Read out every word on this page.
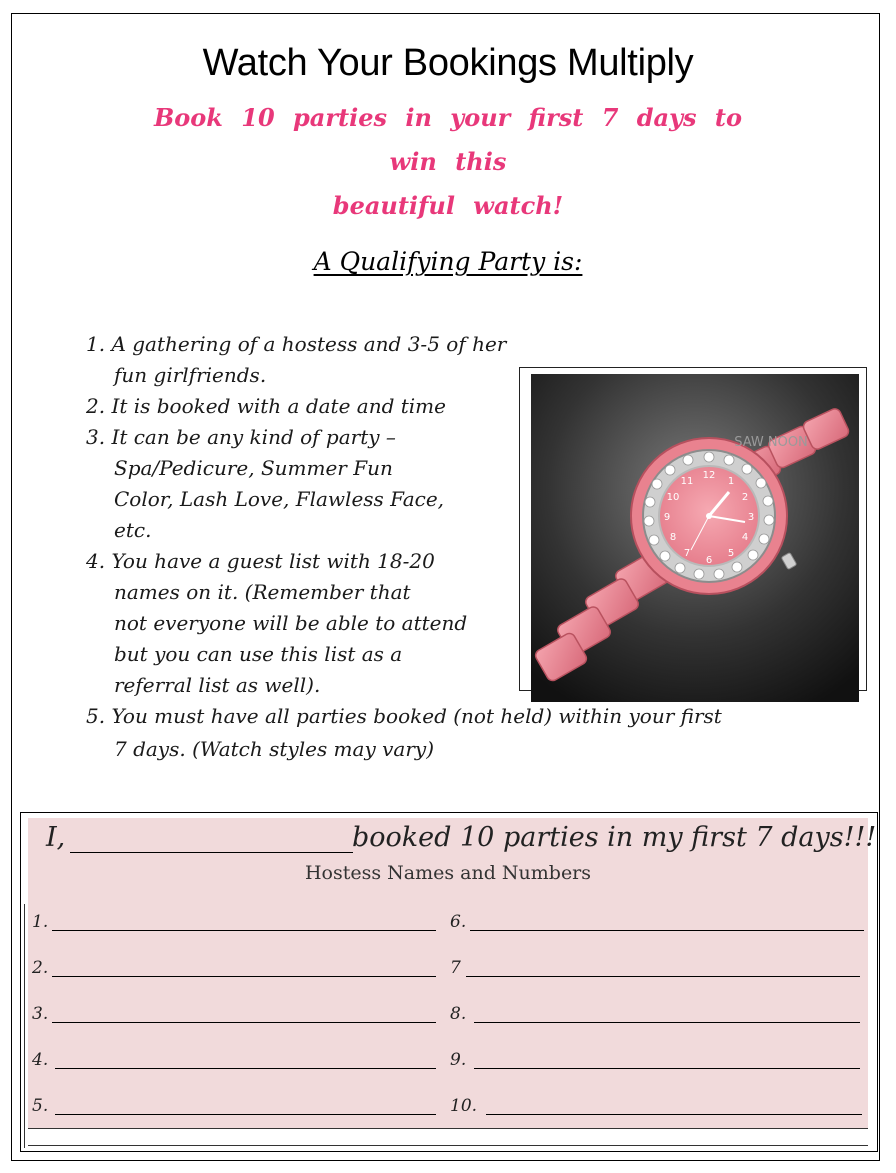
Watch Your Bookings Multiply
Book 10 parties in your first 7 days to win this
beautiful watch!
A Qualifying Party is:
1. A gathering of a hostess and 3-5 of her
fun girlfriends.
2. It is booked with a date and time
3. It can be any kind of party –
Spa/Pedicure, Summer Fun
Color, Lash Love, Flawless Face,
etc.
4. You have a guest list with 18-20
names on it. (Remember that
not everyone will be able to attend
but you can use this list as a
referral list as well).
5. You must have all parties booked (not held) within your first
7 days. (Watch styles may vary)
12
1
2
3
4
5
6
7
8
9
10
11
SAW NOON
I,	booked 10 parties in my first 7 days!!!
Hostess Names and Numbers
1.
2.
3.
4.
5.
6.
7
8.
9.
10.
